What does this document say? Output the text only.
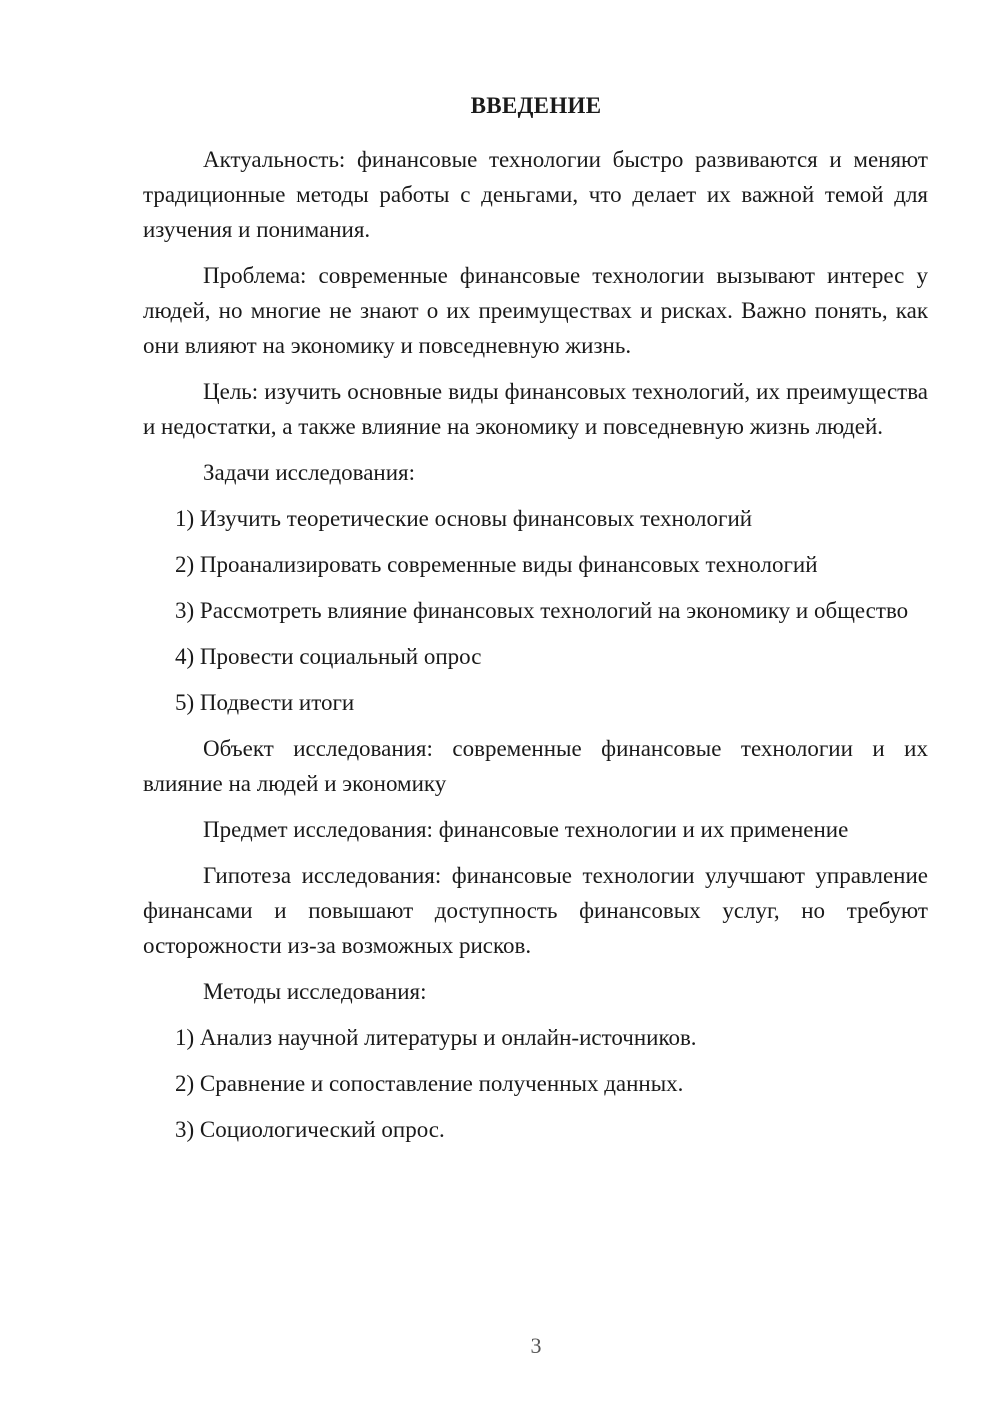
ВВЕДЕНИЕ

Актуальность: финансовые технологии быстро развиваются и меняют традиционные методы работы с деньгами, что делает их важной темой для изучения и понимания.

Проблема: современные финансовые технологии вызывают интерес у людей, но многие не знают о их преимуществах и рисках. Важно понять, как они влияют на экономику и повседневную жизнь.

Цель: изучить основные виды финансовых технологий, их преимущества и недостатки, а также влияние на экономику и повседневную жизнь людей.

Задачи исследования:

1) Изучить теоретические основы финансовых технологий

2) Проанализировать современные виды финансовых технологий

3) Рассмотреть влияние финансовых технологий на экономику и общество

4) Провести социальный опрос

5) Подвести итоги

Объект исследования: современные финансовые технологии и их влияние на людей и экономику

Предмет исследования: финансовые технологии и их применение

Гипотеза исследования: финансовые технологии улучшают управление финансами и повышают доступность финансовых услуг, но требуют осторожности из-за возможных рисков.

Методы исследования:

1) Анализ научной литературы и онлайн-источников.

2) Сравнение и сопоставление полученных данных.

3) Социологический опрос.

3
